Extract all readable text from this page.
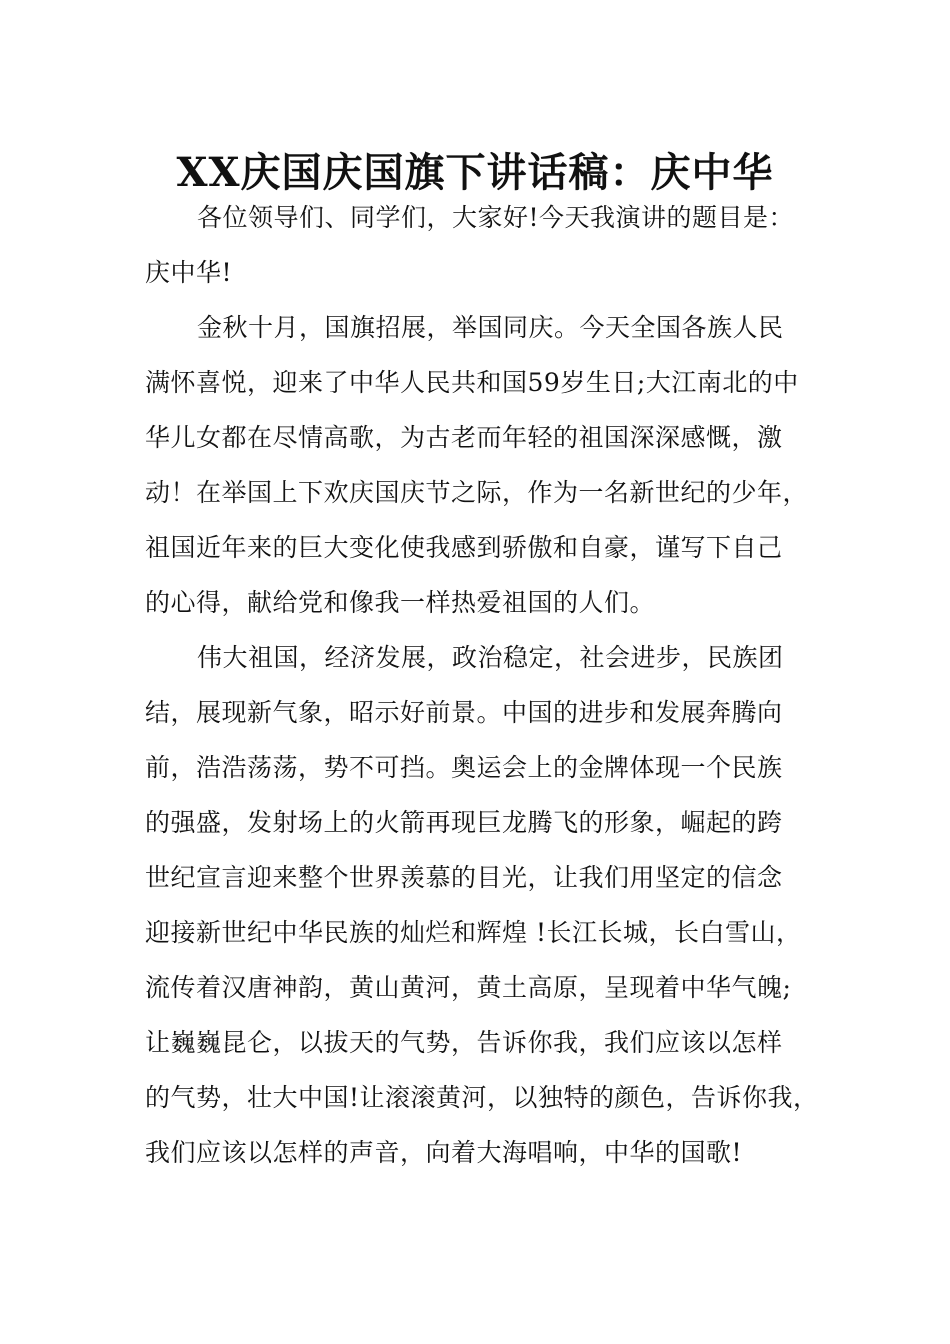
XX庆国庆国旗下讲话稿：庆中华

各位领导们、同学们，大家好!今天我演讲的题目是：
庆中华!

金秋十月，国旗招展，举国同庆。今天全国各族人民
满怀喜悦，迎来了中华人民共和国59岁生日;大江南北的中
华儿女都在尽情高歌，为古老而年轻的祖国深深感慨，激
动！在举国上下欢庆国庆节之际，作为一名新世纪的少年，
祖国近年来的巨大变化使我感到骄傲和自豪，谨写下自己
的心得，献给党和像我一样热爱祖国的人们。

伟大祖国，经济发展，政治稳定，社会进步，民族团
结，展现新气象，昭示好前景。中国的进步和发展奔腾向
前，浩浩荡荡，势不可挡。奥运会上的金牌体现一个民族
的强盛，发射场上的火箭再现巨龙腾飞的形象，崛起的跨
世纪宣言迎来整个世界羡慕的目光，让我们用坚定的信念
迎接新世纪中华民族的灿烂和辉煌 !长江长城，长白雪山，
流传着汉唐神韵，黄山黄河，黄土高原，呈现着中华气魄;
让巍巍昆仑，以拔天的气势，告诉你我，我们应该以怎样
的气势，壮大中国!让滚滚黄河，以独特的颜色，告诉你我，
我们应该以怎样的声音，向着大海唱响，中华的国歌!
